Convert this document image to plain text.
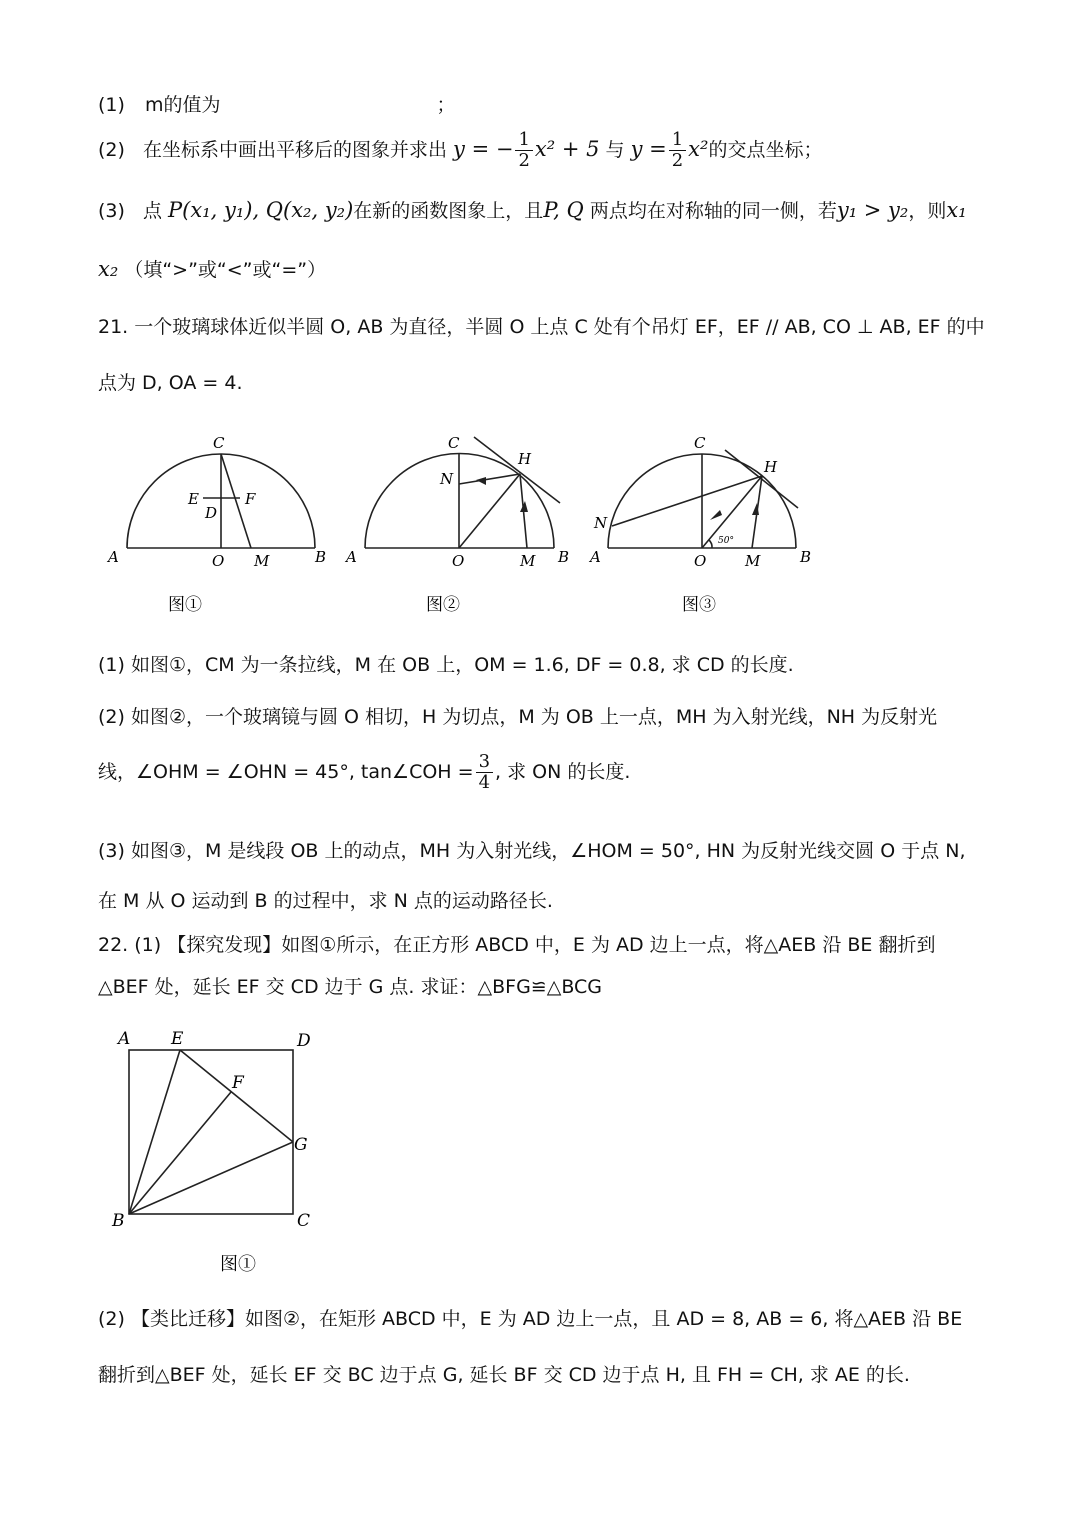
(1) m的值为	；
(2) 在坐标系中画出平移后的图象并求出 y = − $\frac{1}{2} x^2 + 5$ 与 $y = \frac{1}{2} x^2$的交点坐标；
(3) 点 P(x₁, y₁), Q(x₂, y₂)在新的函数图象上，且P, Q 两点均在对称轴的同一侧，若y₁ > y₂，则x₁
x₂ （填“>”或“<”或“=”）
21. 一个玻璃球体近似半圆 O, AB 为直径，半圆 O 上点 C 处有个吊灯 EF，EF // AB, CO ⊥ AB, EF 的中
点为 D, OA = 4.
A	B
C
O M
E	F
D
图①
A	B
C
O	M
N
H
图②
A	B
C
O	M
N
H
50°
图③
(1) 如图①，CM 为一条拉线，M 在 OB 上，OM = 1.6, DF = 0.8, 求 CD 的长度.
(2) 如图②，一个玻璃镜与圆 O 相切，H 为切点，M 为 OB 上一点，MH 为入射光线，NH 为反射光
线，∠OHM = ∠OHN = 45°, tan∠COH = $\frac{3}{4}$ , 求 ON 的长度.
(3) 如图③，M 是线段 OB 上的动点，MH 为入射光线，∠HOM = 50°, HN 为反射光线交圆 O 于点 N,
在 M 从 O 运动到 B 的过程中，求 N 点的运动路径长.
22. (1) 【探究发现】如图①所示，在正方形 ABCD 中，E 为 AD 边上一点，将△AEB 沿 BE 翻折到
△BEF 处，延长 EF 交 CD 边于 G 点. 求证：△BFG≌△BCG
A E	D
F
G
B	C
图①
(2) 【类比迁移】如图②，在矩形 ABCD 中，E 为 AD 边上一点，且 AD = 8, AB = 6, 将△AEB 沿 BE
翻折到△BEF 处，延长 EF 交 BC 边于点 G, 延长 BF 交 CD 边于点 H, 且 FH = CH, 求 AE 的长.
